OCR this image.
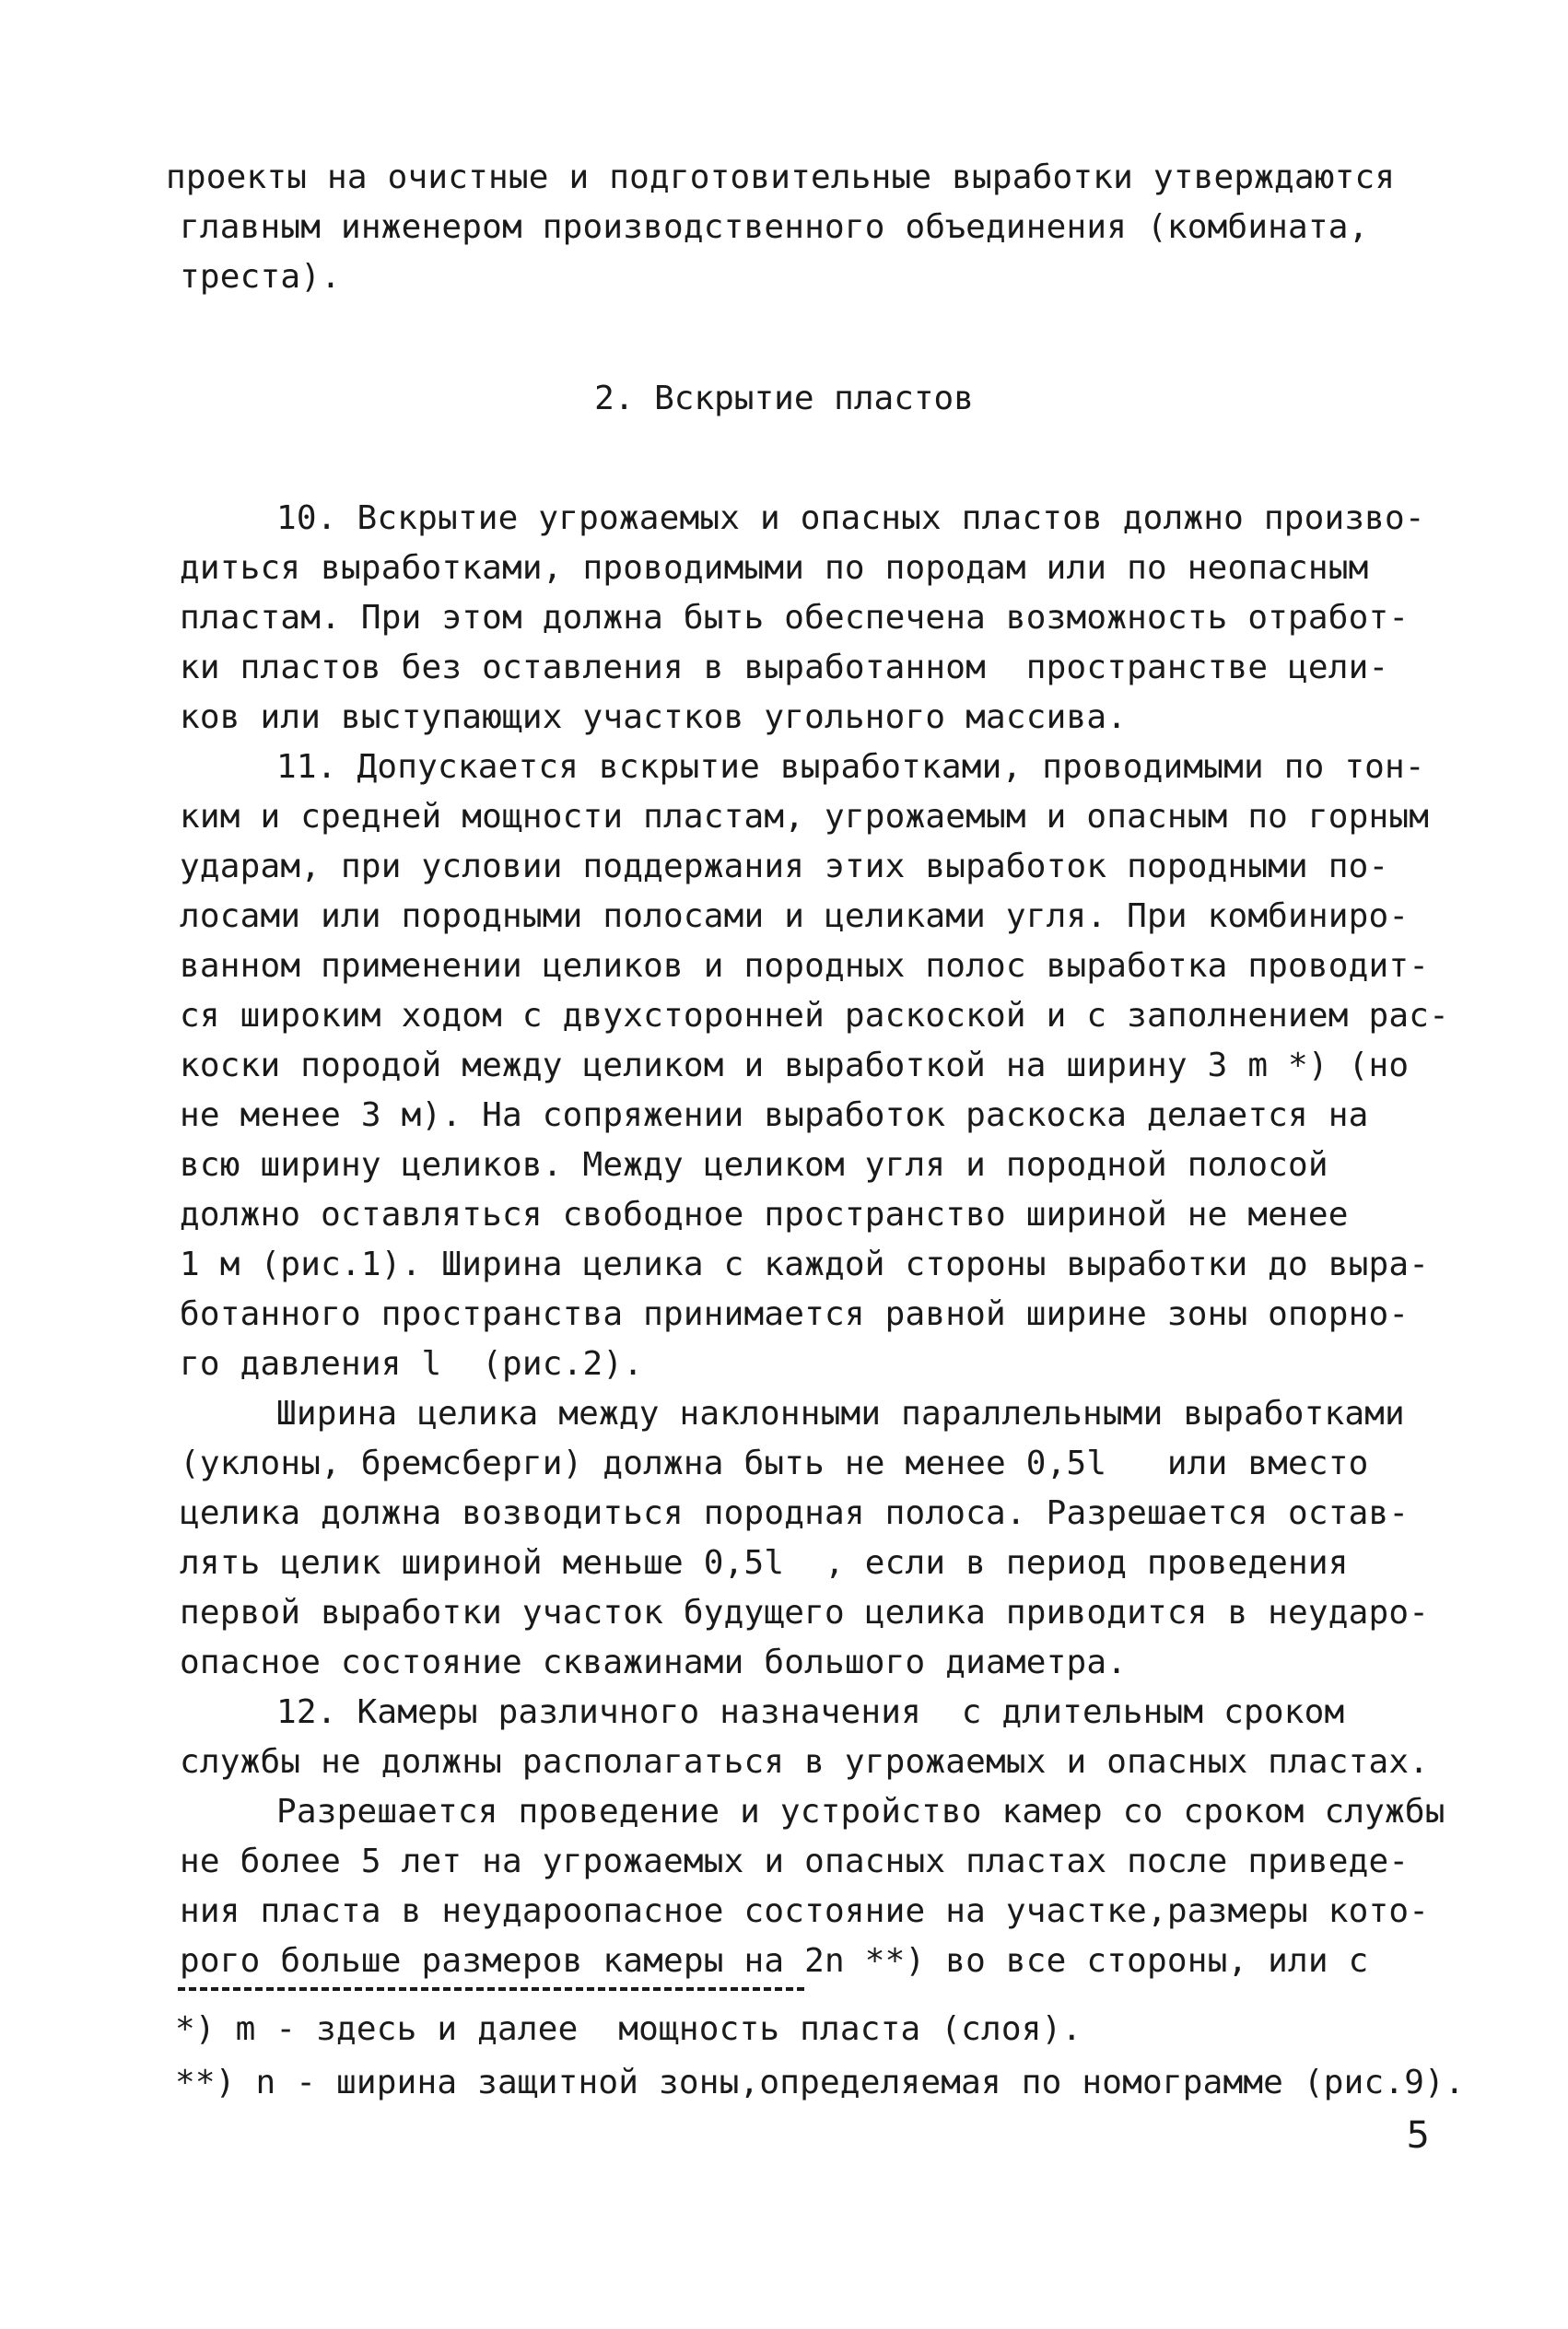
проекты на очистные и подготовительные выработки утверждаются
главным инженером производственного объединения (комбината,
треста).
2. Вскрытие пластов
10. Вскрытие угрожаемых и опасных пластов должно произво-
диться выработками, проводимыми по породам или по неопасным
пластам. При этом должна быть обеспечена возможность отработ-
ки пластов без оставления в выработанном  пространстве цели-
ков или выступающих участков угольного массива.
11. Допускается вскрытие выработками, проводимыми по тон-
ким и средней мощности пластам, угрожаемым и опасным по горным
ударам, при условии поддержания этих выработок породными по-
лосами или породными полосами и целиками угля. При комбиниро-
ванном применении целиков и породных полос выработка проводит-
ся широким ходом с двухсторонней раскоской и с заполнением рас-
коски породой между целиком и выработкой на ширину 3 m *) (но
не менее 3 м). На сопряжении выработок раскоска делается на
всю ширину целиков. Между целиком угля и породной полосой
должно оставляться свободное пространство шириной не менее
1 м (рис.1). Ширина целика с каждой стороны выработки до выра-
ботанного пространства принимается равной ширине зоны опорно-
го давления l  (рис.2).
Ширина целика между наклонными параллельными выработками
(уклоны, бремсберги) должна быть не менее 0,5l   или вместо
целика должна возводиться породная полоса. Разрешается остав-
лять целик шириной меньше 0,5l  , если в период проведения
первой выработки участок будущего целика приводится в неударо-
опасное состояние скважинами большого диаметра.
12. Камеры различного назначения  с длительным сроком
службы не должны располагаться в угрожаемых и опасных пластах.
Разрешается проведение и устройство камер со сроком службы
не более 5 лет на угрожаемых и опасных пластах после приведе-
ния пласта в неудароопасное состояние на участке,размеры кото-
рого больше размеров камеры на 2n **) во все стороны, или с
*) m - здесь и далее  мощность пласта (слоя).
**) n - ширина защитной зоны,определяемая по номограмме (рис.9).
5
